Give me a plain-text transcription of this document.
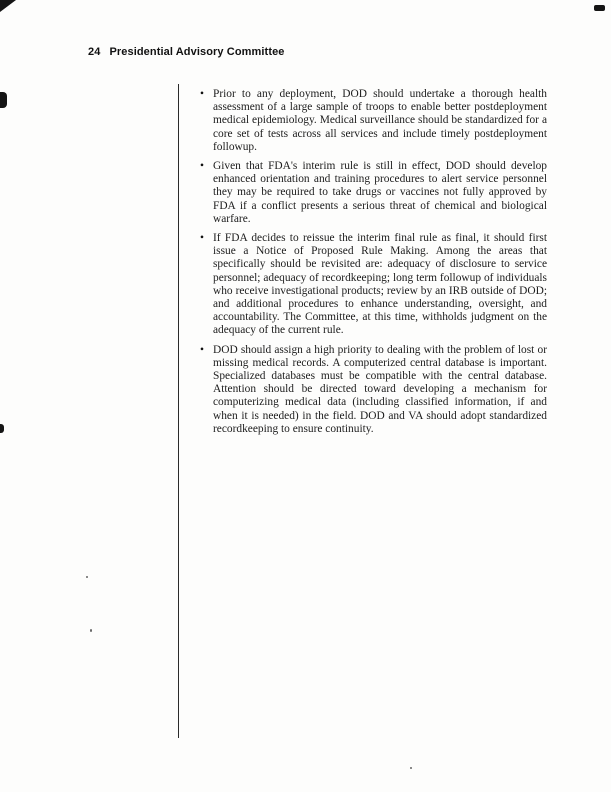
24 Presidential Advisory Committee
Prior to any deployment, DOD should undertake a thorough health assessment of a large sample of troops to enable better postdeployment medical epidemiology. Medical surveillance should be standardized for a core set of tests across all services and include timely postdeployment followup.
Given that FDA's interim rule is still in effect, DOD should develop enhanced orientation and training procedures to alert service personnel they may be required to take drugs or vaccines not fully approved by FDA if a conflict presents a serious threat of chemical and biological warfare.
If FDA decides to reissue the interim final rule as final, it should first issue a Notice of Proposed Rule Making. Among the areas that specifically should be revisited are: adequacy of disclosure to service personnel; adequacy of recordkeeping; long term followup of individuals who receive investigational products; review by an IRB outside of DOD; and additional procedures to enhance understanding, oversight, and accountability. The Committee, at this time, withholds judgment on the adequacy of the current rule.
DOD should assign a high priority to dealing with the problem of lost or missing medical records. A computerized central database is important. Specialized databases must be compatible with the central database. Attention should be directed toward developing a mechanism for computerizing medical data (including classified information, if and when it is needed) in the field. DOD and VA should adopt standardized recordkeeping to ensure continuity.
